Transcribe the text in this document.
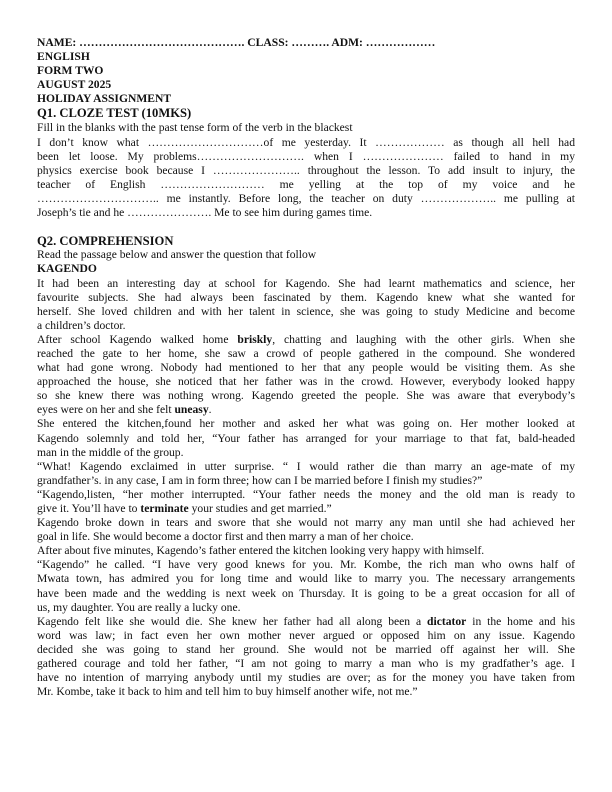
NAME: ……………………………………. CLASS: ………. ADM: ………………
ENGLISH
FORM TWO
AUGUST 2025
HOLIDAY ASSIGNMENT
Q1. CLOZE TEST (10MKS)
Fill in the blanks with the past tense form of the verb in the blackest
I don’t know what …………………………of me yesterday. It ……………… as though all hell had
been let loose. My problems………………………. when I ………………… failed to hand in my
physics exercise book because I ………………….. throughout the lesson. To add insult to injury, the
teacher of English ……………………… me yelling at the top of my voice and he
………………………….. me instantly. Before long, the teacher on duty ……………….. me pulling at
Joseph’s tie and he …………………. Me to see him during games time.
Q2. COMPREHENSION
Read the passage below and answer the question that follow
KAGENDO
It had been an interesting day at school for Kagendo. She had learnt mathematics and science, her
favourite subjects. She had always been fascinated by them. Kagendo knew what she wanted for
herself. She loved children and with her talent in science, she was going to study Medicine and become
a children’s doctor.
After school Kagendo walked home briskly, chatting and laughing with the other girls. When she
reached the gate to her home, she saw a crowd of people gathered in the compound. She wondered
what had gone wrong. Nobody had mentioned to her that any people would be visiting them. As she
approached the house, she noticed that her father was in the crowd. However, everybody looked happy
so she knew there was nothing wrong. Kagendo greeted the people. She was aware that everybody’s
eyes were on her and she felt uneasy.
She entered the kitchen,found her mother and asked her what was going on. Her mother looked at
Kagendo solemnly and told her, “Your father has arranged for your marriage to that fat, bald-headed
man in the middle of the group.
“What! Kagendo exclaimed in utter surprise. “ I would rather die than marry an age-mate of my
grandfather’s. in any case, I am in form three; how can I be married before I finish my studies?”
“Kagendo,listen, “her mother interrupted. “Your father needs the money and the old man is ready to
give it. You’ll have to terminate your studies and get married.”
Kagendo broke down in tears and swore that she would not marry any man until she had achieved her
goal in life. She would become a doctor first and then marry a man of her choice.
After about five minutes, Kagendo’s father entered the kitchen looking very happy with himself.
“Kagendo” he called. “I have very good knews for you. Mr. Kombe, the rich man who owns half of
Mwata town, has admired you for long time and would like to marry you. The necessary arrangements
have been made and the wedding is next week on Thursday. It is going to be a great occasion for all of
us, my daughter. You are really a lucky one.
Kagendo felt like she would die. She knew her father had all along been a dictator in the home and his
word was law; in fact even her own mother never argued or opposed him on any issue. Kagendo
decided she was going to stand her ground. She would not be married off against her will. She
gathered courage and told her father, “I am not going to marry a man who is my gradfather’s age. I
have no intention of marrying anybody until my studies are over; as for the money you have taken from
Mr. Kombe, take it back to him and tell him to buy himself another wife, not me.”
